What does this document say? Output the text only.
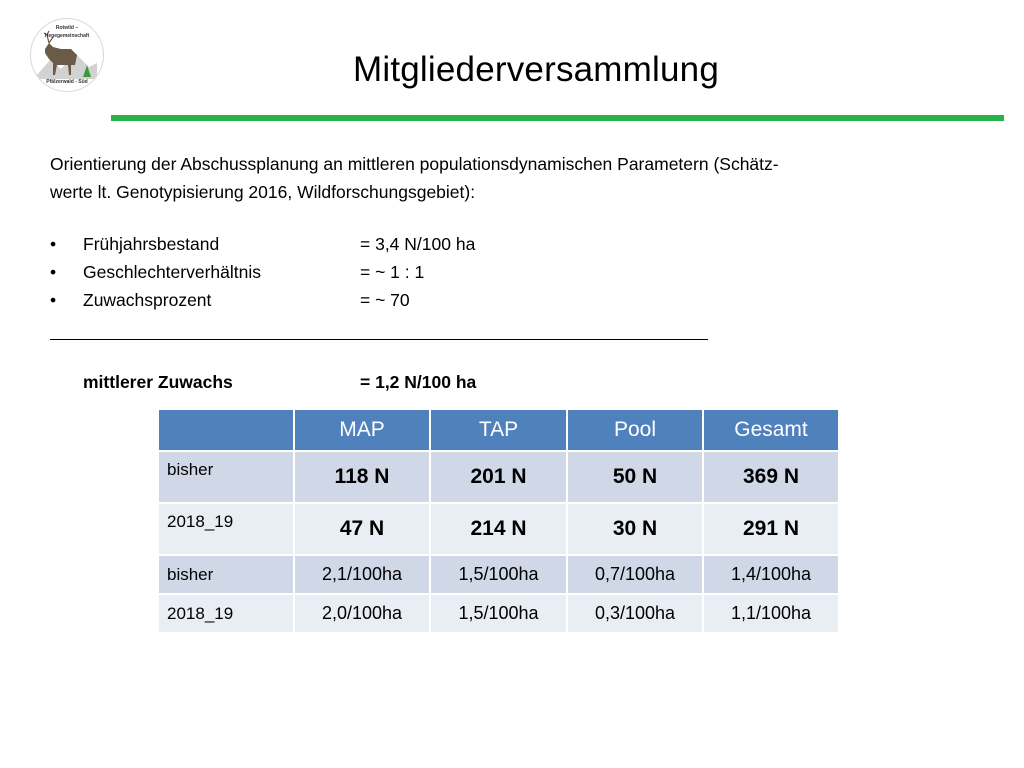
Rotwild –
Hegegemeinschaft
Pfälzerwald - Süd	Mitgliederversammlung
Orientierung der Abschussplanung an mittleren populationsdynamischen Parametern (Schätz-
werte lt. Genotypisierung 2016, Wildforschungsgebiet):
• Frühjahrsbestand	= 3,4 N/100 ha
• Geschlechterverhältnis	= ~ 1 : 1
• Zuwachsprozent	= ~ 70
mittlerer Zuwachs	= 1,2 N/100 ha
	MAP	TAP	Pool	Gesamt
bisher	118 N	201 N	50 N	369 N
2018_19	47 N	214 N	30 N	291 N
bisher	2,1/100ha	1,5/100ha	0,7/100ha	1,4/100ha
2018_19	2,0/100ha	1,5/100ha	0,3/100ha	1,1/100ha
